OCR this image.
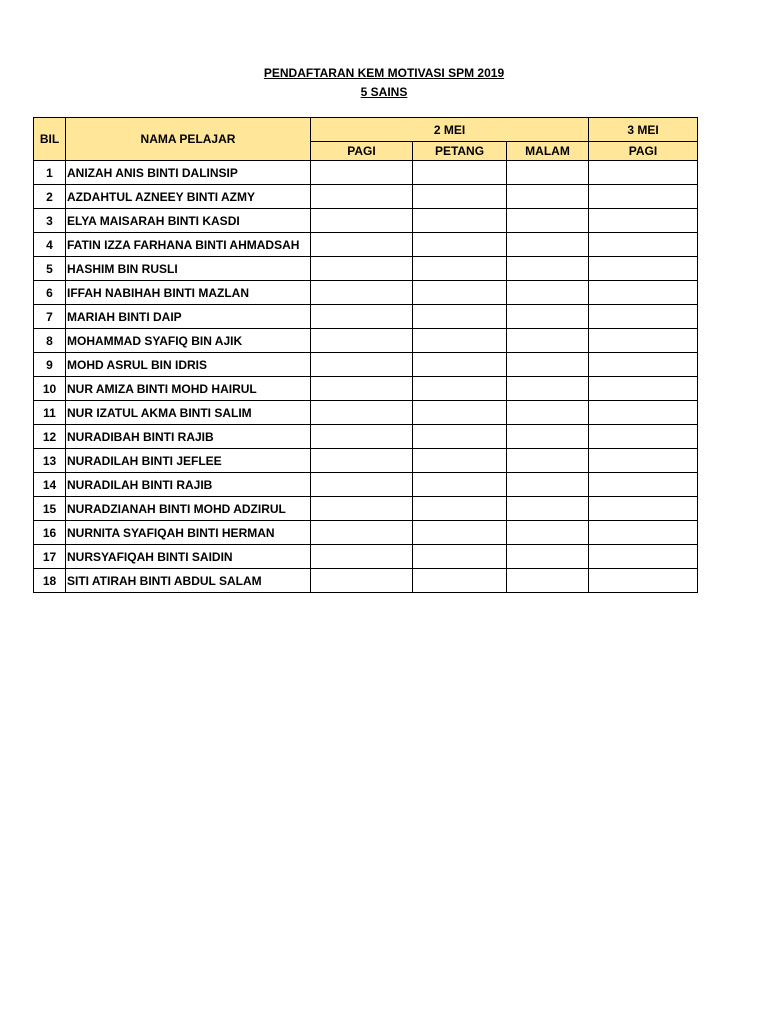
PENDAFTARAN KEM MOTIVASI SPM 2019
5 SAINS
BIL	NAMA PELAJAR	2 MEI			3 MEI
		PAGI	PETANG	MALAM	PAGI
1	ANIZAH ANIS BINTI DALINSIP				
2	AZDAHTUL AZNEEY BINTI AZMY				
3	ELYA MAISARAH BINTI KASDI				
4	FATIN IZZA FARHANA BINTI AHMADSAH				
5	HASHIM BIN RUSLI				
6	IFFAH NABIHAH BINTI MAZLAN				
7	MARIAH BINTI DAIP				
8	MOHAMMAD SYAFIQ BIN AJIK				
9	MOHD ASRUL BIN IDRIS				
10	NUR AMIZA BINTI MOHD HAIRUL				
11	NUR IZATUL AKMA BINTI SALIM				
12	NURADIBAH BINTI RAJIB				
13	NURADILAH BINTI JEFLEE				
14	NURADILAH BINTI RAJIB				
15	NURADZIANAH BINTI MOHD ADZIRUL				
16	NURNITA SYAFIQAH BINTI HERMAN				
17	NURSYAFIQAH BINTI SAIDIN				
18	SITI ATIRAH BINTI ABDUL SALAM				
